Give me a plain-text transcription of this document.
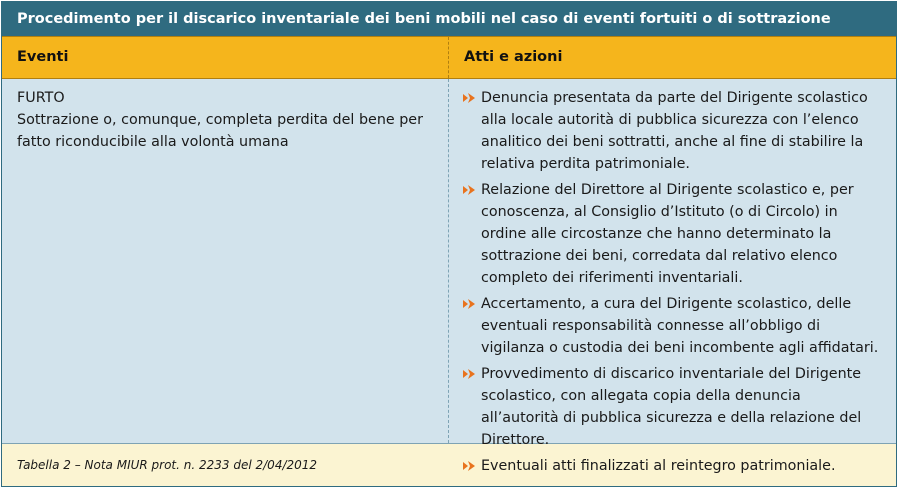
Procedimento per il discarico inventariale dei beni mobili nel caso di eventi fortuiti o di sottrazione
Eventi	Atti e azioni
FURTO
Sottrazione o, comunque, completa perdita del bene per fatto riconducibile alla volontà umana
Denuncia presentata da parte del Dirigente scolastico alla locale autorità di pubblica sicurezza con l’elenco analitico dei beni sottratti, anche al fine di stabilire la relativa perdita patrimoniale.
Relazione del Direttore al Dirigente scolastico e, per conoscenza, al Consiglio d’Istituto (o di Circolo) in ordine alle circostanze che hanno determinato la sottrazione dei beni, corredata dal relativo elenco completo dei riferimenti inventariali.
Accertamento, a cura del Dirigente scolastico, delle eventuali responsabilità connesse all’obbligo di vigilanza o custodia dei beni incombente agli affidatari.
Provvedimento di discarico inventariale del Dirigente scolastico, con allegata copia della denuncia all’autorità di pubblica sicurezza e della relazione del Direttore.
Eventuali atti finalizzati al reintegro patrimoniale.
Tabella 2 – Nota MIUR prot. n. 2233 del 2/04/2012
